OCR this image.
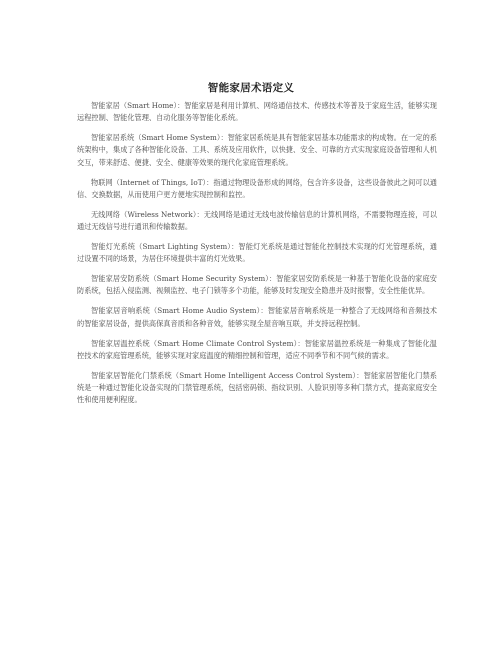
智能家居术语定义

智能家居（Smart Home）：智能家居是利用计算机、网络通信技术、传感技术等普及于家庭生活，能够实现远程控制、智能化管理、自动化服务等智能化系统。

智能家居系统（Smart Home System）：智能家居系统是具有智能家居基本功能需求的构成物。在一定的系统架构中，集成了各种智能化设备、工具、系统及应用软件，以快捷、安全、可靠的方式实现家庭设备管理和人机交互，带来舒适、便捷、安全、健康等效果的现代化家庭管理系统。

物联网（Internet of Things, IoT）：指通过物理设备形成的网络，包含许多设备，这些设备彼此之间可以通信、交换数据，从而使用户更方便地实现控制和监控。

无线网络（Wireless Network）：无线网络是通过无线电波传输信息的计算机网络，不需要物理连接，可以通过无线信号进行通讯和传输数据。

智能灯光系统（Smart Lighting System）：智能灯光系统是通过智能化控制技术实现的灯光管理系统，通过设置不同的场景，为居住环境提供丰富的灯光效果。

智能家居安防系统（Smart Home Security System）：智能家居安防系统是一种基于智能化设备的家庭安防系统，包括入侵监测、视频监控、电子门锁等多个功能，能够及时发现安全隐患并及时报警，安全性能优异。

智能家居音响系统（Smart Home Audio System）：智能家居音响系统是一种整合了无线网络和音频技术的智能家居设备，提供高保真音质和各种音效，能够实现全屋音响互联，并支持远程控制。

智能家居温控系统（Smart Home Climate Control System）：智能家居温控系统是一种集成了智能化温控技术的家庭管理系统，能够实现对家庭温度的精细控制和管理，适应不同季节和不同气候的需求。

智能家居智能化门禁系统（Smart Home Intelligent Access Control System）：智能家居智能化门禁系统是一种通过智能化设备实现的门禁管理系统，包括密码锁、指纹识别、人脸识别等多种门禁方式，提高家庭安全性和使用便利程度。
